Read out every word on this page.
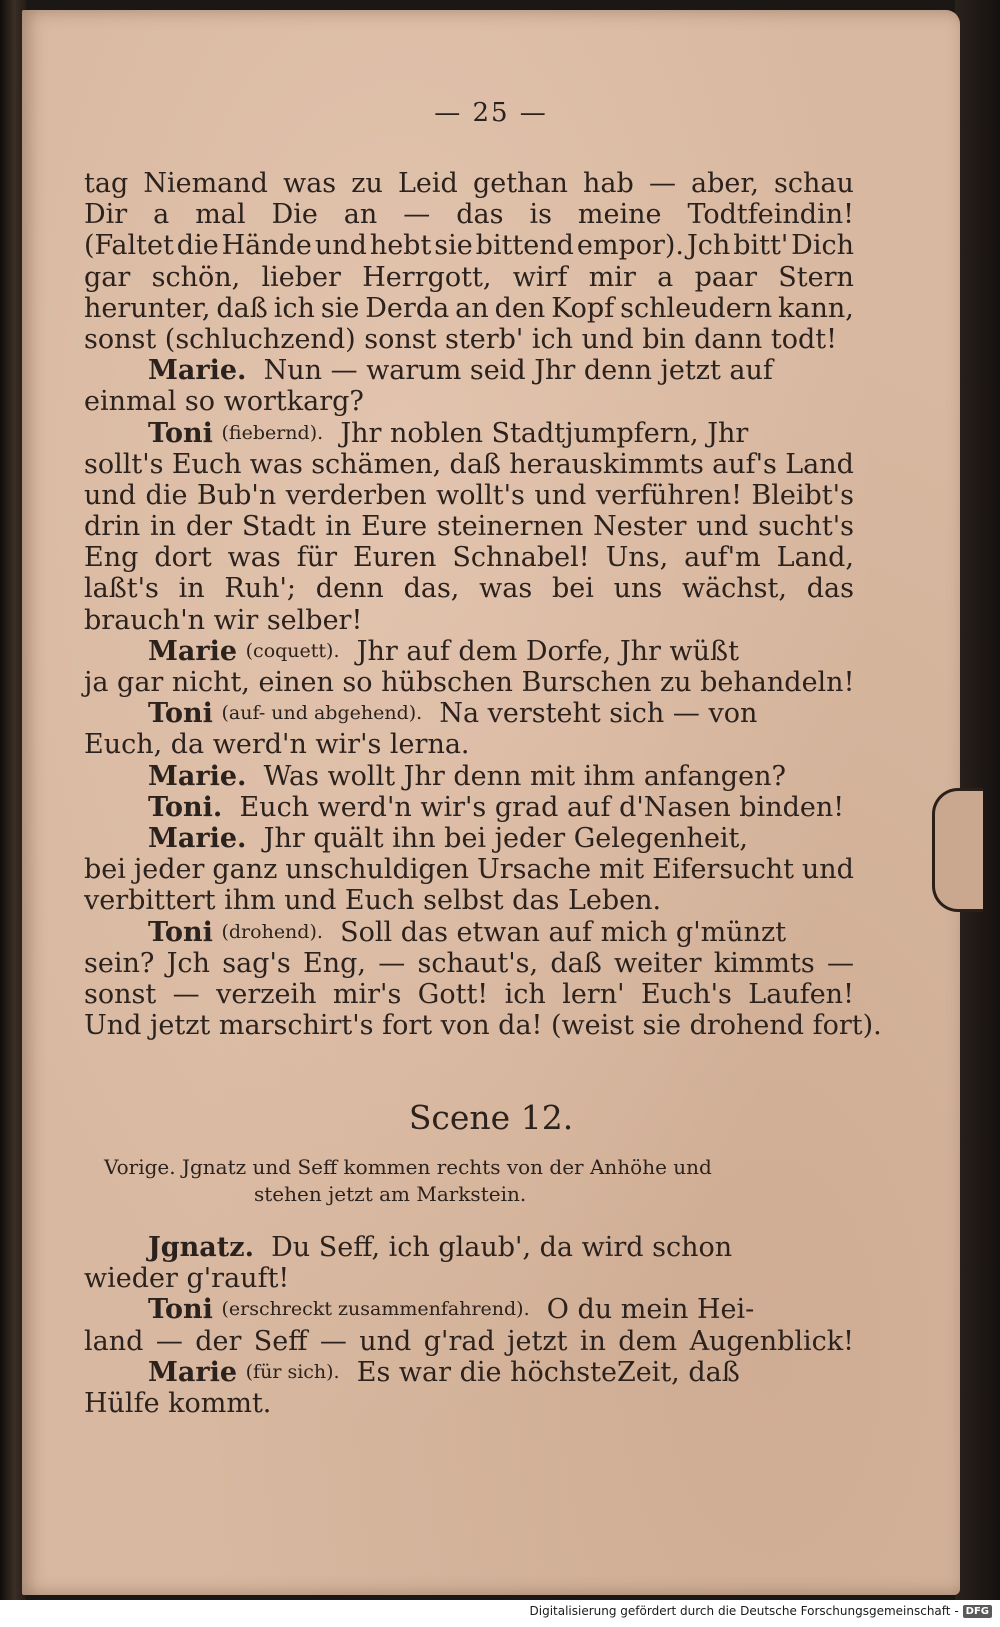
— 25 —
tag Niemand was zu Leid gethan hab — aber, schau
Dir a mal Die an — das is meine Todtfeindin!
(Faltet die Hände und hebt sie bittend empor). Jch bitt' Dich
gar schön, lieber Herrgott, wirf mir a paar Stern
herunter, daß ich sie Derda an den Kopf schleudern kann,
sonst (schluchzend) sonst sterb' ich und bin dann todt!
Marie.
Nun — warum seid Jhr denn jetzt auf
einmal so wortkarg?
Toni
(fiebernd).
Jhr noblen Stadtjumpfern, Jhr
sollt's Euch was schämen, daß herauskimmts auf's Land
und die Bub'n verderben wollt's und verführen! Bleibt's
drin in der Stadt in Eure steinernen Nester und sucht's
Eng dort was für Euren Schnabel! Uns, auf'm Land,
laßt's in Ruh'; denn das, was bei uns wächst, das
brauch'n wir selber!
Marie
(coquett).
Jhr auf dem Dorfe, Jhr wüßt
ja gar nicht, einen so hübschen Burschen zu behandeln!
Toni
(auf- und abgehend).
Na versteht sich — von
Euch, da werd'n wir's lerna.
Marie.
Was wollt Jhr denn mit ihm anfangen?
Toni.
Euch werd'n wir's grad auf d'Nasen binden!
Marie.
Jhr quält ihn bei jeder Gelegenheit,
bei jeder ganz unschuldigen Ursache mit Eifersucht und
verbittert ihm und Euch selbst das Leben.
Toni
(drohend).
Soll das etwan auf mich g'münzt
sein? Jch sag's Eng, — schaut's, daß weiter kimmts —
sonst — verzeih mir's Gott! ich lern' Euch's Laufen!
Und jetzt marschirt's fort von da! (weist sie drohend fort).
Scene 12.
Vorige. Jgnatz und Seff kommen rechts von der Anhöhe und
stehen jetzt am Markstein.
Jgnatz.
Du Seff, ich glaub', da wird schon
wieder g'rauft!
Toni
(erschreckt zusammenfahrend).
O du mein Hei-
land — der Seff — und g'rad jetzt in dem Augenblick!
Marie
(für sich).
Es war die höchsteZeit, daß
Hülfe kommt.
Digitalisierung gefördert durch die Deutsche Forschungsgemeinschaft - DFG
